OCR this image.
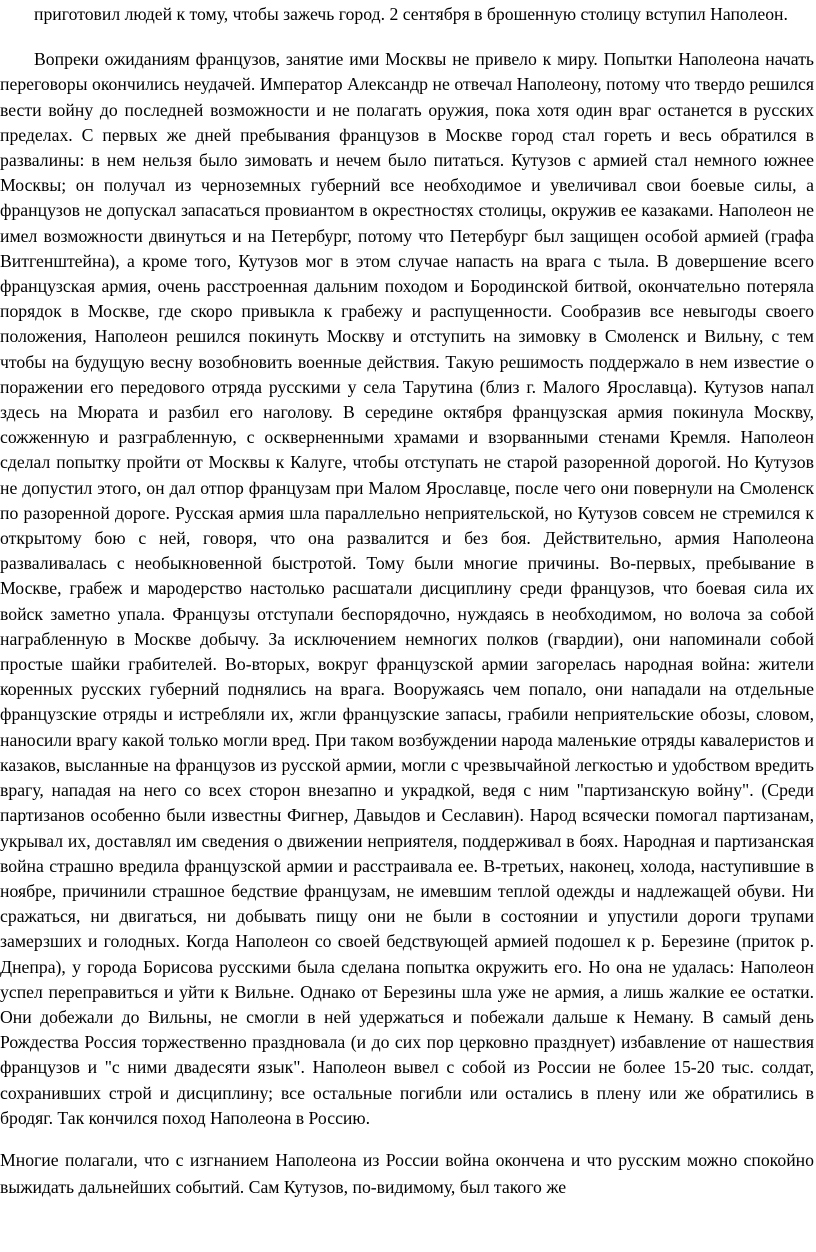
приготовил людей к тому, чтобы зажечь город. 2 сентября в брошенную столицу вступил Наполеон.

Вопреки ожиданиям французов, занятие ими Москвы не привело к миру. Попытки Наполеона начать переговоры окончились неудачей. Император Александр не отвечал Наполеону, потому что твердо решился вести войну до последней возможности и не полагать оружия, пока хотя один враг останется в русских пределах. С первых же дней пребывания французов в Москве город стал гореть и весь обратился в развалины: в нем нельзя было зимовать и нечем было питаться. Кутузов с армией стал немного южнее Москвы; он получал из черноземных губерний все необходимое и увеличивал свои боевые силы, а французов не допускал запасаться провиантом в окрестностях столицы, окружив ее казаками. Наполеон не имел возможности двинуться и на Петербург, потому что Петербург был защищен особой армией (графа Витгенштейна), а кроме того, Кутузов мог в этом случае напасть на врага с тыла. В довершение всего французская армия, очень расстроенная дальним походом и Бородинской битвой, окончательно потеряла порядок в Москве, где скоро привыкла к грабежу и распущенности. Сообразив все невыгоды своего положения, Наполеон решился покинуть Москву и отступить на зимовку в Смоленск и Вильну, с тем чтобы на будущую весну возобновить военные действия. Такую решимость поддержало в нем известие о поражении его передового отряда русскими у села Тарутина (близ г. Малого Ярославца). Кутузов напал здесь на Мюрата и разбил его наголову. В середине октября французская армия покинула Москву, сожженную и разграбленную, с оскверненными храмами и взорванными стенами Кремля. Наполеон сделал попытку пройти от Москвы к Калуге, чтобы отступать не старой разоренной дорогой. Но Кутузов не допустил этого, он дал отпор французам при Малом Ярославце, после чего они повернули на Смоленск по разоренной дороге. Русская армия шла параллельно неприятельской, но Кутузов совсем не стремился к открытому бою с ней, говоря, что она развалится и без боя. Действительно, армия Наполеона разваливалась с необыкновенной быстротой. Тому были многие причины. Во-первых, пребывание в Москве, грабеж и мародерство настолько расшатали дисциплину среди французов, что боевая сила их войск заметно упала. Французы отступали беспорядочно, нуждаясь в необходимом, но волоча за собой награбленную в Москве добычу. За исключением немногих полков (гвардии), они напоминали собой простые шайки грабителей. Во-вторых, вокруг французской армии загорелась народная война: жители коренных русских губерний поднялись на врага. Вооружаясь чем попало, они нападали на отдельные французские отряды и истребляли их, жгли французские запасы, грабили неприятельские обозы, словом, наносили врагу какой только могли вред. При таком возбуждении народа маленькие отряды кавалеристов и казаков, высланные на французов из русской армии, могли с чрезвычайной легкостью и удобством вредить врагу, нападая на него со всех сторон внезапно и украдкой, ведя с ним "партизанскую войну". (Среди партизанов особенно были известны Фигнер, Давыдов и Сеславин). Народ всячески помогал партизанам, укрывал их, доставлял им сведения о движении неприятеля, поддерживал в боях. Народная и партизанская война страшно вредила французской армии и расстраивала ее. В-третьих, наконец, холода, наступившие в ноябре, причинили страшное бедствие французам, не имевшим теплой одежды и надлежащей обуви. Ни сражаться, ни двигаться, ни добывать пищу они не были в состоянии и упустили дороги трупами замерзших и голодных. Когда Наполеон со своей бедствующей армией подошел к р. Березине (приток р. Днепра), у города Борисова русскими была сделана попытка окружить его. Но она не удалась: Наполеон успел переправиться и уйти к Вильне. Однако от Березины шла уже не армия, а лишь жалкие ее остатки. Они добежали до Вильны, не смогли в ней удержаться и побежали дальше к Неману. В самый день Рождества Россия торжественно праздновала (и до сих пор церковно празднует) избавление от нашествия французов и "с ними двадесяти язык". Наполеон вывел с собой из России не более 15-20 тыс. солдат, сохранивших строй и дисциплину; все остальные погибли или остались в плену или же обратились в бродяг. Так кончился поход Наполеона в Россию.

Многие полагали, что с изгнанием Наполеона из России война окончена и что русским можно спокойно выжидать дальнейших событий. Сам Кутузов, по-видимому, был такого же
